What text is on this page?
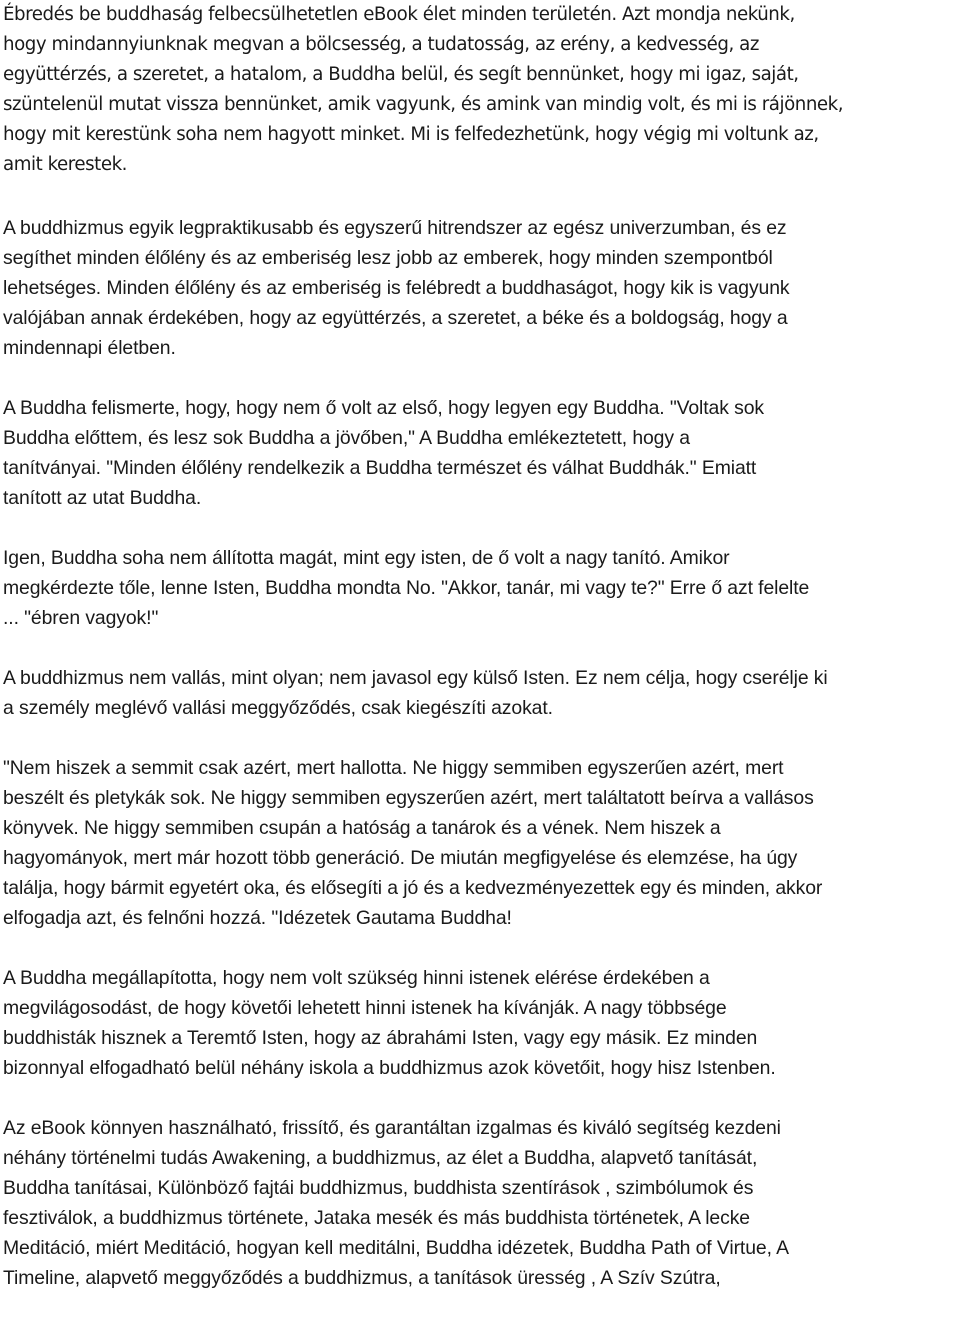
Ébredés be buddhaság felbecsülhetetlen eBook élet minden területén. Azt mondja nekünk,
hogy mindannyiunknak megvan a bölcsesség, a tudatosság, az erény, a kedvesség, az
együttérzés, a szeretet, a hatalom, a Buddha belül, és segít bennünket, hogy mi igaz, saját,
szüntelenül mutat vissza bennünket, amik vagyunk, és amink van mindig volt, és mi is rájönnek,
hogy mit kerestünk soha nem hagyott minket. Mi is felfedezhetünk, hogy végig mi voltunk az,
amit kerestek.

A buddhizmus egyik legpraktikusabb és egyszerű hitrendszer az egész univerzumban, és ez
segíthet minden élőlény és az emberiség lesz jobb az emberek, hogy minden szempontból
lehetséges. Minden élőlény és az emberiség is felébredt a buddhaságot, hogy kik is vagyunk
valójában annak érdekében, hogy az együttérzés, a szeretet, a béke és a boldogság, hogy a
mindennapi életben.

A Buddha felismerte, hogy, hogy nem ő volt az első, hogy legyen egy Buddha. "Voltak sok
Buddha előttem, és lesz sok Buddha a jövőben," A Buddha emlékeztetett, hogy a
tanítványai. "Minden élőlény rendelkezik a Buddha természet és válhat Buddhák." Emiatt
tanított az utat Buddha.

Igen, Buddha soha nem állította magát, mint egy isten, de ő volt a nagy tanító. Amikor
megkérdezte tőle, lenne Isten, Buddha mondta No. "Akkor, tanár, mi vagy te?" Erre ő azt felelte
... "ébren vagyok!"

A buddhizmus nem vallás, mint olyan; nem javasol egy külső Isten. Ez nem célja, hogy cserélje ki
a személy meglévő vallási meggyőződés, csak kiegészíti azokat.

"Nem hiszek a semmit csak azért, mert hallotta. Ne higgy semmiben egyszerűen azért, mert
beszélt és pletykák sok. Ne higgy semmiben egyszerűen azért, mert találtatott beírva a vallásos
könyvek. Ne higgy semmiben csupán a hatóság a tanárok és a vének. Nem hiszek a
hagyományok, mert már hozott több generáció. De miután megfigyelése és elemzése, ha úgy
találja, hogy bármit egyetért oka, és elősegíti a jó és a kedvezményezettek egy és minden, akkor
elfogadja azt, és felnőni hozzá. "Idézetek Gautama Buddha!

A Buddha megállapította, hogy nem volt szükség hinni istenek elérése érdekében a
megvilágosodást, de hogy követői lehetett hinni istenek ha kívánják. A nagy többsége
buddhisták hisznek a Teremtő Isten, hogy az ábrahámi Isten, vagy egy másik. Ez minden
bizonnyal elfogadható belül néhány iskola a buddhizmus azok követőit, hogy hisz Istenben.

Az eBook könnyen használható, frissítő, és garantáltan izgalmas és kiváló segítség kezdeni
néhány történelmi tudás Awakening, a buddhizmus, az élet a Buddha, alapvető tanítását,
Buddha tanításai, Különböző fajtái buddhizmus, buddhista szentírások , szimbólumok és
fesztiválok, a buddhizmus története, Jataka mesék és más buddhista történetek, A lecke
Meditáció, miért Meditáció, hogyan kell meditálni, Buddha idézetek, Buddha Path of Virtue, A
Timeline, alapvető meggyőződés a buddhizmus, a tanítások üresség , A Szív Szútra,
